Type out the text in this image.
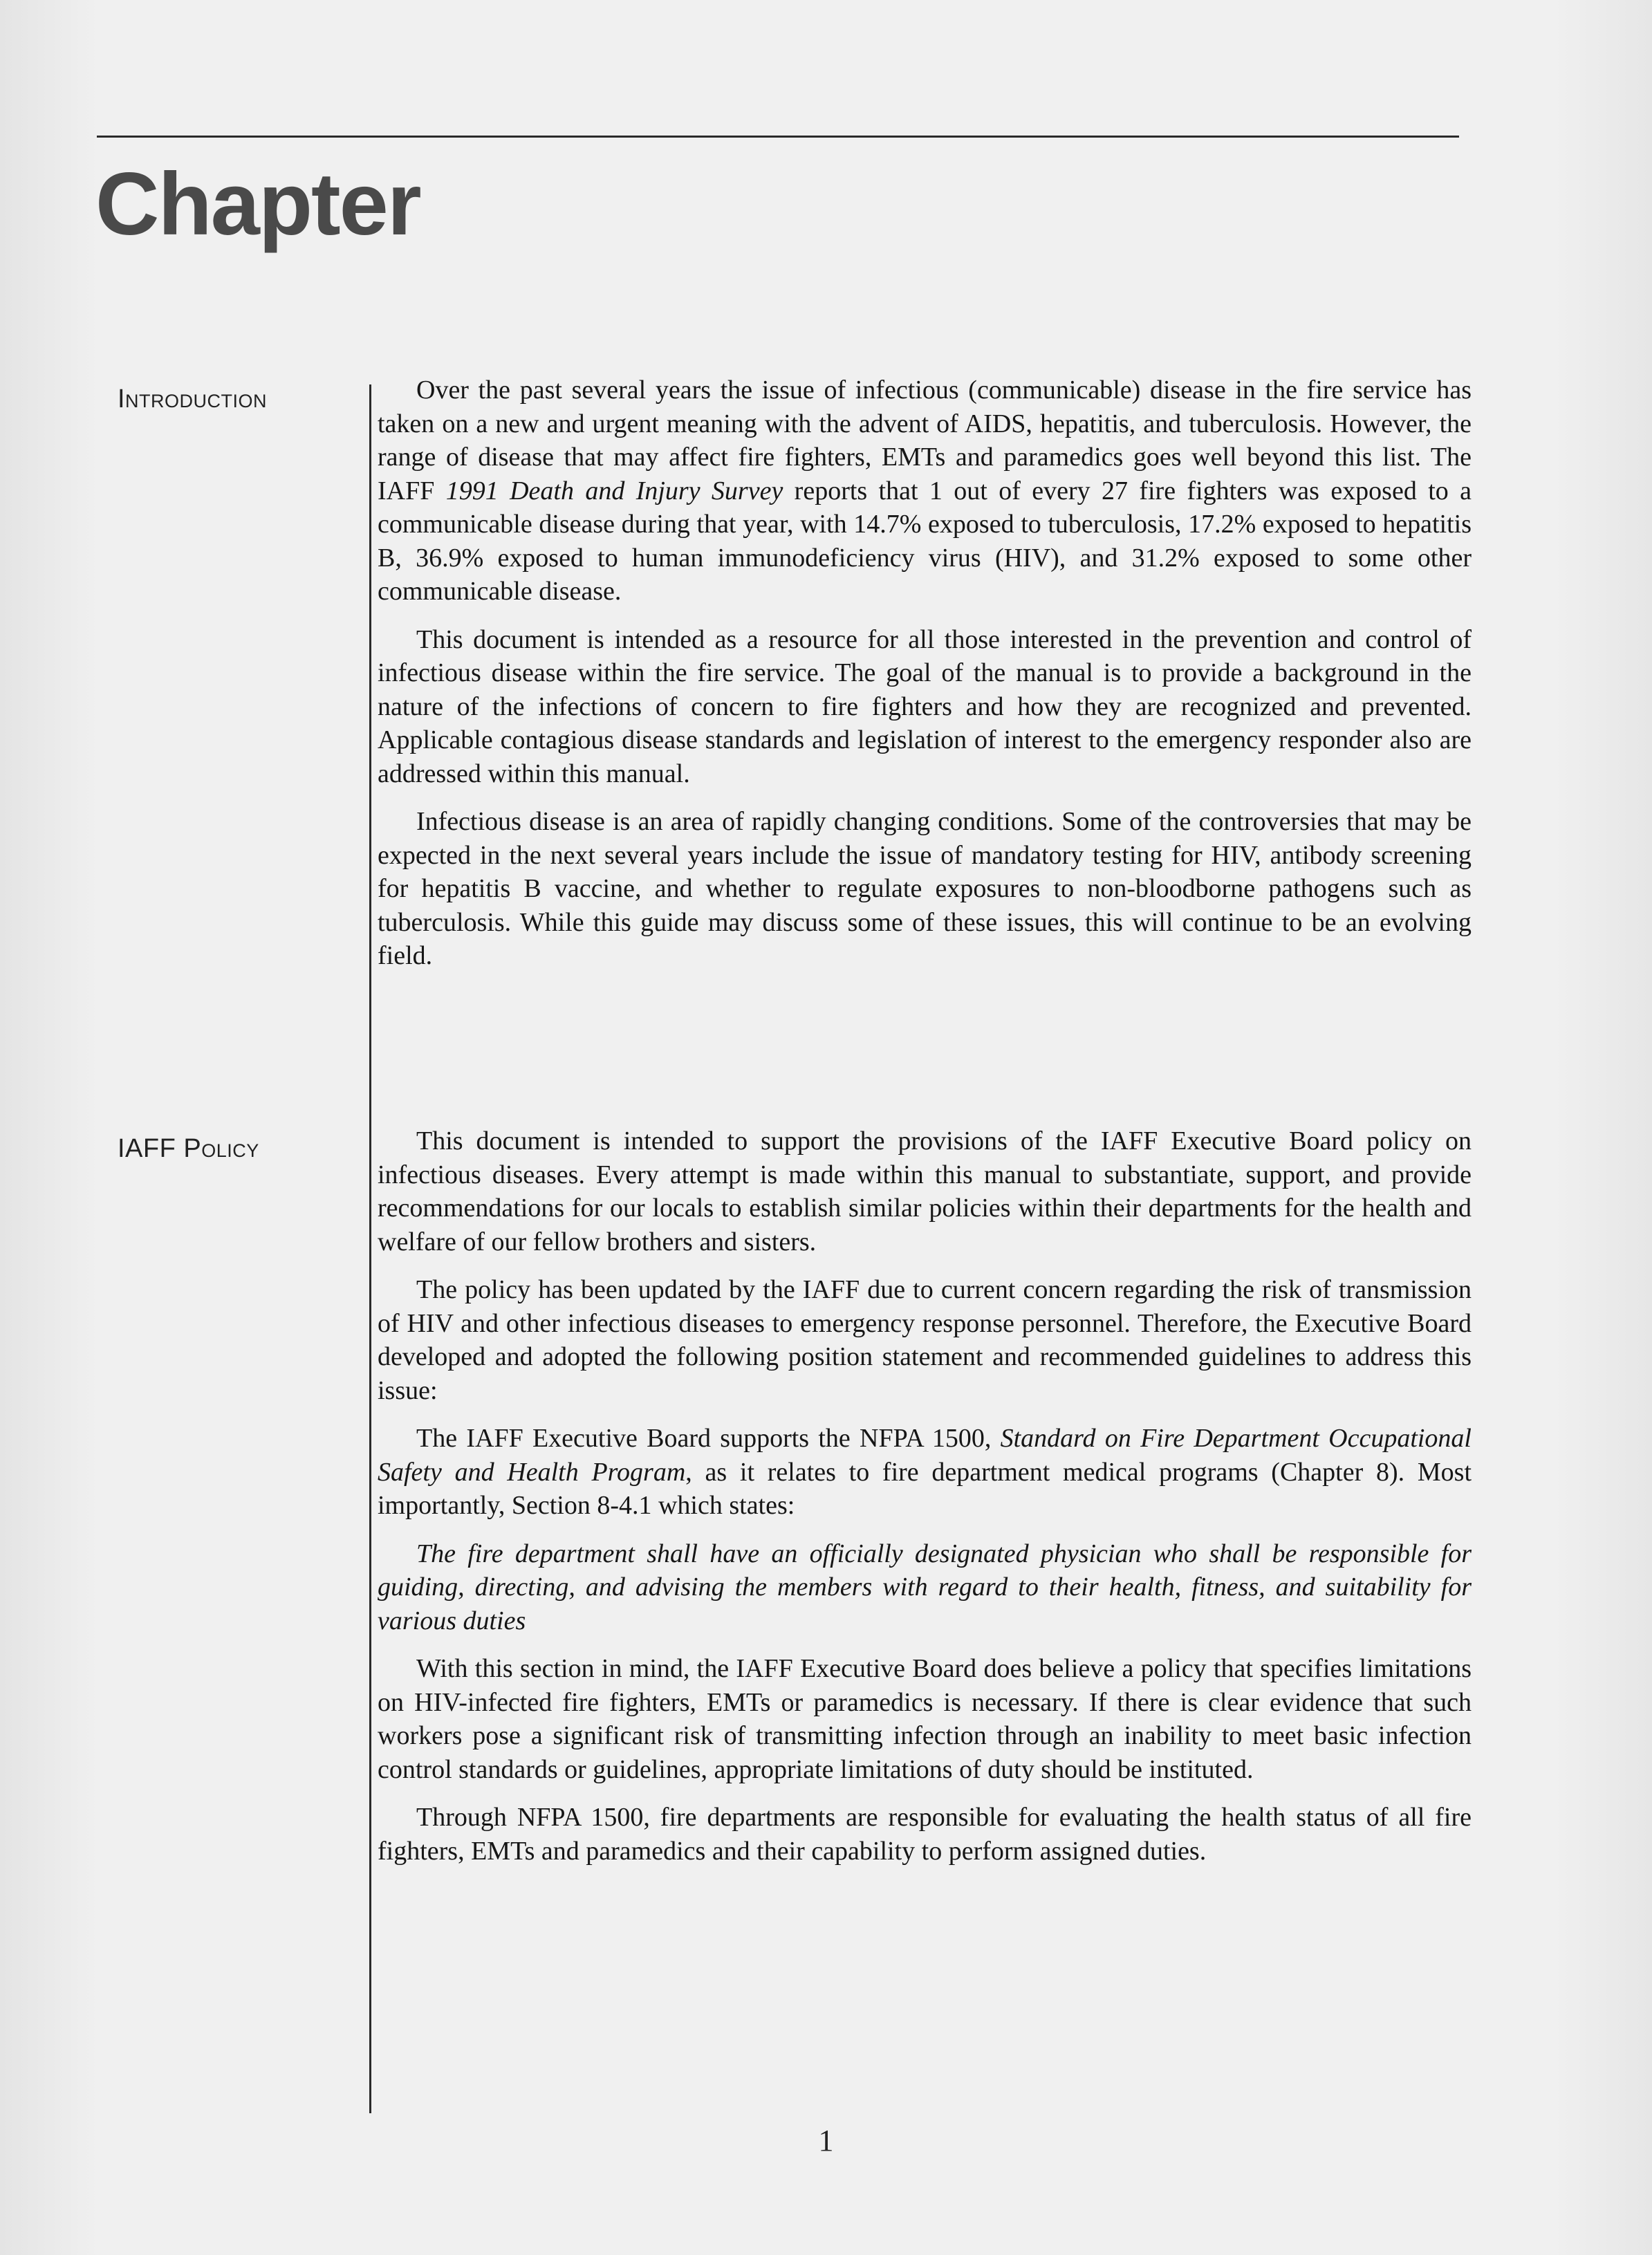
Chapter
Introduction	Over the past several years the issue of infectious (communicable) disease in the fire service has taken on a new and urgent meaning with the advent of AIDS, hepatitis, and tuberculosis. However, the range of disease that may affect fire fighters, EMTs and paramedics goes well beyond this list. The IAFF 1991 Death and Injury Survey reports that 1 out of every 27 fire fighters was exposed to a communicable disease during that year, with 14.7% exposed to tuberculosis, 17.2% exposed to hepatitis B, 36.9% exposed to human immunodeficiency virus (HIV), and 31.2% exposed to some other communicable disease.

This document is intended as a resource for all those interested in the prevention and control of infectious disease within the fire service. The goal of the manual is to provide a background in the nature of the infections of concern to fire fighters and how they are recognized and prevented. Applicable contagious disease standards and legislation of interest to the emergency responder also are addressed within this manual.

Infectious disease is an area of rapidly changing conditions. Some of the controversies that may be expected in the next several years include the issue of mandatory testing for HIV, antibody screening for hepatitis B vaccine, and whether to regulate exposures to non-bloodborne pathogens such as tuberculosis. While this guide may discuss some of these issues, this will continue to be an evolving field.

IAFF Policy	This document is intended to support the provisions of the IAFF Executive Board policy on infectious diseases. Every attempt is made within this manual to substantiate, support, and provide recommendations for our locals to establish similar policies within their departments for the health and welfare of our fellow brothers and sisters.

The policy has been updated by the IAFF due to current concern regarding the risk of transmission of HIV and other infectious diseases to emergency response personnel. Therefore, the Executive Board developed and adopted the following position statement and recommended guidelines to address this issue:

The IAFF Executive Board supports the NFPA 1500, Standard on Fire Department Occupational Safety and Health Program, as it relates to fire department medical programs (Chapter 8). Most importantly, Section 8-4.1 which states:

The fire department shall have an officially designated physician who shall be responsible for guiding, directing, and advising the members with regard to their health, fitness, and suitability for various duties

With this section in mind, the IAFF Executive Board does believe a policy that specifies limitations on HIV-infected fire fighters, EMTs or paramedics is necessary. If there is clear evidence that such workers pose a significant risk of transmitting infection through an inability to meet basic infection control standards or guidelines, appropriate limitations of duty should be instituted.

Through NFPA 1500, fire departments are responsible for evaluating the health status of all fire fighters, EMTs and paramedics and their capability to perform assigned duties.

1
